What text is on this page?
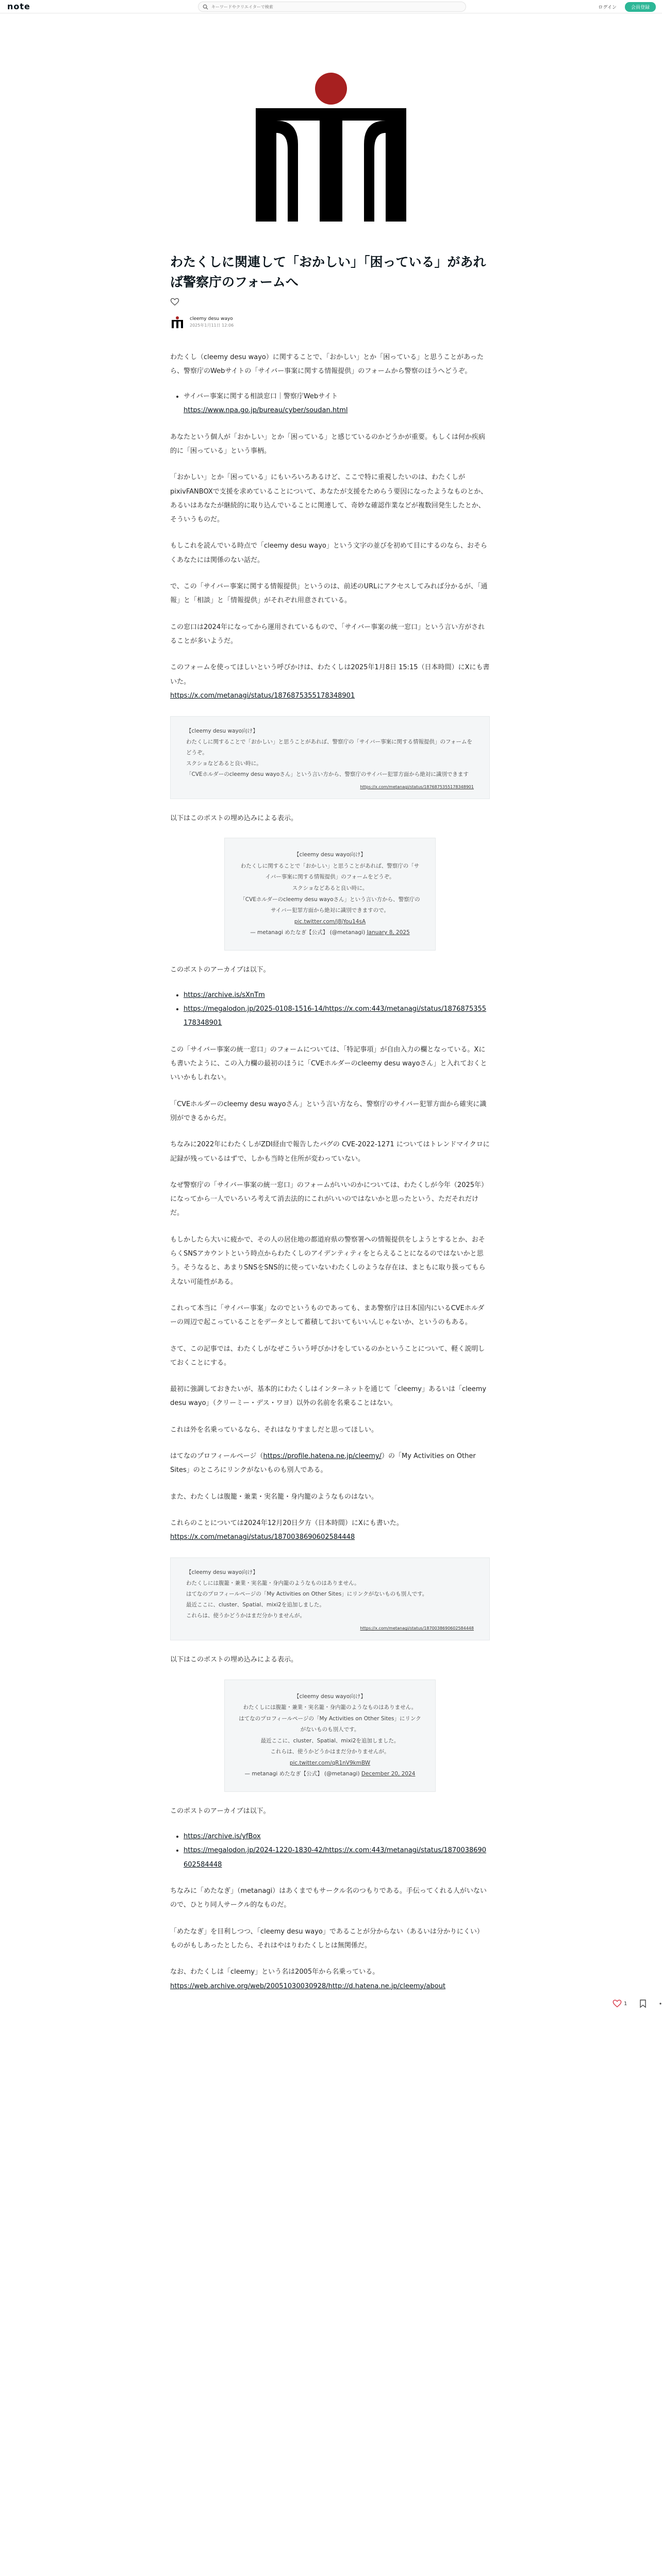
note
キーワードやクリエイターで検索	ログイン	会員登録
わたくしに関連して「おかしい」「困っている」があれば警察庁のフォームへ
cleemy desu wayo
2025年1月11日 12:06

わたくし（cleemy desu wayo）に関することで、「おかしい」とか「困っている」と思うことがあったら、警察庁のWebサイトの「サイバー事案に関する情報提供」のフォームから警察のほうへどうぞ。

• サイバー事案に関する相談窓口｜警察庁Webサイト
https://www.npa.go.jp/bureau/cyber/soudan.html

あなたという個人が「おかしい」とか「困っている」と感じているのかどうかが重要。もしくは何か疾病的に「困っている」という事柄。

「おかしい」とか「困っている」にもいろいろあるけど、ここで特に重視したいのは、わたくしがpixivFANBOXで支援を求めていることについて、あなたが支援をためらう要因になったようなものとか、あるいはあなたが継続的に取り込んでいることに関連して、奇妙な確認作業などが複数回発生したとか、そういうものだ。

もしこれを読んでいる時点で「cleemy desu wayo」という文字の並びを初めて目にするのなら、おそらくあなたには関係のない話だ。

で、この「サイバー事案に関する情報提供」というのは、前述のURLにアクセスしてみれば分かるが、「通報」と「相談」と「情報提供」がそれぞれ用意されている。

この窓口は2024年になってから運用されているもので、「サイバー事案の統一窓口」という言い方がされることが多いようだ。

このフォームを使ってほしいという呼びかけは、わたくしは2025年1月8日 15:15（日本時間）にXにも書いた。
https://x.com/metanagi/status/1876875355178348901

【cleemy desu wayo向け】
わたくしに関することで「おかしい」と思うことがあれば、警察庁の「サイバー事案に関する情報提供」のフォームをどうぞ。
スクショなどあると良い時に。
「CVEホルダーのcleemy desu wayoさん」という言い方から、警察庁のサイバー犯罪方面から絶対に識別できます
https://x.com/metanagi/status/1876875355178348901

以下はこのポストの埋め込みによる表示。

【cleemy desu wayo向け】
わたくしに関することで「おかしい」と思うことがあれば、警察庁の「サイバー事案に関する情報提供」のフォームをどうぞ。
スクショなどあると良い時に。
「CVEホルダーのcleemy desu wayoさん」という言い方から、警察庁のサイバー犯罪方面から絶対に識別できますので。
pic.twitter.com/j8jYou14sA
— metanagi めたなぎ【公式】 (@metanagi) January 8, 2025

このポストのアーカイブは以下。

• https://archive.is/sXnTm
• https://megalodon.jp/2025-0108-1516-14/https://x.com:443/metanagi/status/1876875355178348901

この「サイバー事案の統一窓口」のフォームについては、「特記事項」が自由入力の欄となっている。Xにも書いたように、この入力欄の最初のほうに「CVEホルダーのcleemy desu wayoさん」と入れておくといいかもしれない。

「CVEホルダーのcleemy desu wayoさん」という言い方なら、警察庁のサイバー犯罪方面から確実に識別ができるからだ。

ちなみに2022年にわたくしがZDI経由で報告したバグの CVE-2022-1271 についてはトレンドマイクロに記録が残っているはずで、しかも当時と住所が変わっていない。

なぜ警察庁の「サイバー事案の統一窓口」のフォームがいいのかについては、わたくしが今年（2025年）になってから一人でいろいろ考えて消去法的にこれがいいのではないかと思ったという、ただそれだけだ。

もしかしたら大いに疲かで、その人の居住地の都道府県の警察署への情報提供をしようとするとか、おそらくSNSアカウントという時点からわたくしのアイデンティティをとらえることになるのではないかと思う。そうなると、あまりSNSをSNS的に使っていないわたくしのような存在は、まともに取り扱ってもらえない可能性がある。

これって本当に「サイバー事案」なのでというものであっても、まあ警察庁は日本国内にいるCVEホルダーの周辺で起こっていることをデータとして蓄積しておいてもいいんじゃないか、というのもある。

さて、この記事では、わたくしがなぜこういう呼びかけをしているのかということについて、軽く説明しておくことにする。

最初に強調しておきたいが、基本的にわたくしはインターネットを通じて「cleemy」あるいは「cleemy desu wayo」（クリーミー・デス・ワヨ）以外の名前を名乗ることはない。

これは外を名乗っているなら、それはなりすましだと思ってほしい。

はてなのプロフィールページ（https://profile.hatena.ne.jp/cleemy/）の「My Activities on Other Sites」のところにリンクがないものも別人である。

また、わたくしは腹籠・兼業・実名籠・身内籠のようなものはない。

これらのことについては2024年12月20日夕方（日本時間）にXにも書いた。
https://x.com/metanagi/status/1870038690602584448

【cleemy desu wayo向け】
わたくしには腹籠・兼業・実名籠・身内籠のようなものはありません。
はてなのプロフィールページの「My Activities on Other Sites」にリンクがないものも別人です。
最近ここに、cluster、Spatial、mixi2を追加しました。
これらは、使うかどうかはまだ分かりませんが。
https://x.com/metanagi/status/1870038690602584448

以下はこのポストの埋め込みによる表示。

【cleemy desu wayo向け】
わたくしには腹籠・兼業・実名籠・身内籠のようなものはありません。
はてなのプロフィールページの「My Activities on Other Sites」にリンクがないものも別人です。
最近ここに、cluster、Spatial、mixi2を追加しました。
これらは、使うかどうかはまだ分かりませんが。
pic.twitter.com/qR1nV9kmBW
— metanagi めたなぎ【公式】 (@metanagi) December 20, 2024

このポストのアーカイブは以下。

• https://archive.is/yfBox
• https://megalodon.jp/2024-1220-1830-42/https://x.com:443/metanagi/status/1870038690602584448

ちなみに「めたなぎ」（metanagi）はあくまでもサークル名のつもりである。手伝ってくれる人がいないので、ひとり同人サークル的なものだ。

「めたなぎ」を目利しつつ、「cleemy desu wayo」であることが分からない（あるいは分かりにくい）ものがもしあったとしたら、それはやはりわたくしとは無関係だ。

なお、わたくしは「cleemy」という名は2005年から名乗っている。
https://web.archive.org/web/20051030030928/http://d.hatena.ne.jp/cleemy/about

1
